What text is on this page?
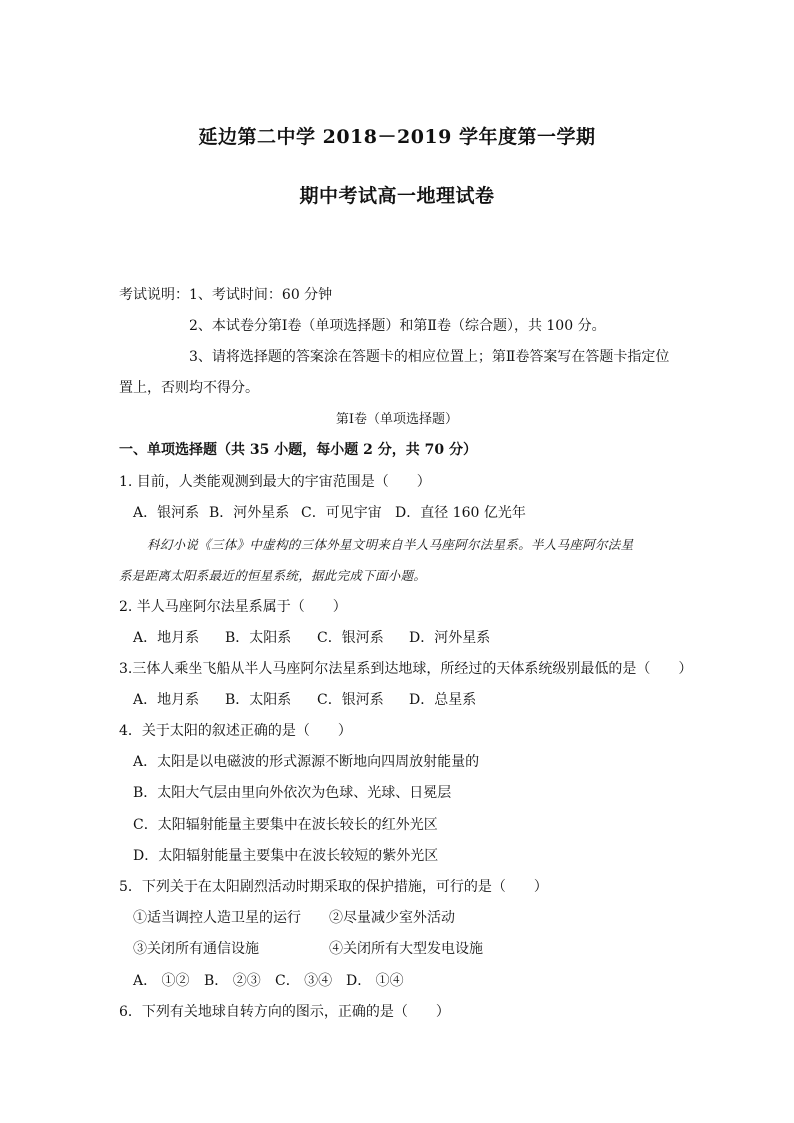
延边第二中学 2018－2019 学年度第一学期
期中考试高一地理试卷
考试说明：1、考试时间：60 分钟
2、本试卷分第Ⅰ卷（单项选择题）和第Ⅱ卷（综合题），共 100 分。
3、请将选择题的答案涂在答题卡的相应位置上；第Ⅱ卷答案写在答题卡指定位
置上，否则均不得分。
第Ⅰ卷（单项选择题）
一、单项选择题（共 35 小题，每小题 2 分，共 70 分）
1. 目前，人类能观测到最大的宇宙范围是（　　）
A．银河系 B．河外星系 C．可见宇宙 D．直径 160 亿光年
科幻小说《三体》中虚构的三体外星文明来自半人马座阿尔法星系。半人马座阿尔法星
系是距离太阳系最近的恒星系统，据此完成下面小题。
2. 半人马座阿尔法星系属于（　　）
A．地月系 B．太阳系 C．银河系 D．河外星系
3.三体人乘坐飞船从半人马座阿尔法星系到达地球，所经过的天体系统级别最低的是（　　）
A．地月系 B．太阳系 C．银河系 D．总星系
4．关于太阳的叙述正确的是（　　）
A．太阳是以电磁波的形式源源不断地向四周放射能量的
B．太阳大气层由里向外依次为色球、光球、日冕层
C．太阳辐射能量主要集中在波长较长的红外光区
D．太阳辐射能量主要集中在波长较短的紫外光区
5．下列关于在太阳剧烈活动时期采取的保护措施，可行的是（　　）
①适当调控人造卫星的运行 ②尽量减少室外活动
③关闭所有通信设施	④关闭所有大型发电设施
A． ①② B． ②③ C． ③④ D． ①④
6．下列有关地球自转方向的图示，正确的是（　　）
